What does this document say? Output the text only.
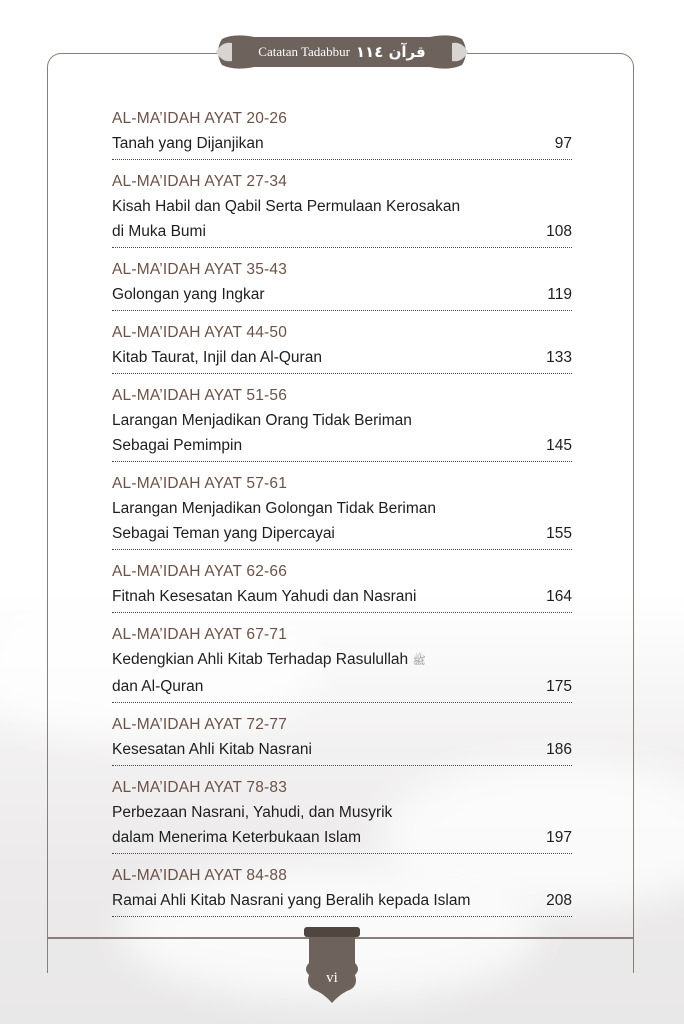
Catatan Tadabbur قرآن ١١٤
AL-MA’IDAH AYAT 20-26
Tanah yang Dijanjikan	97
AL-MA’IDAH AYAT 27-34
Kisah Habil dan Qabil Serta Permulaan Kerosakan
di Muka Bumi	108
AL-MA’IDAH AYAT 35-43
Golongan yang Ingkar	119
AL-MA’IDAH AYAT 44-50
Kitab Taurat, Injil dan Al-Quran	133
AL-MA’IDAH AYAT 51-56
Larangan Menjadikan Orang Tidak Beriman
Sebagai Pemimpin	145
AL-MA’IDAH AYAT 57-61
Larangan Menjadikan Golongan Tidak Beriman
Sebagai Teman yang Dipercayai	155
AL-MA’IDAH AYAT 62-66
Fitnah Kesesatan Kaum Yahudi dan Nasrani	164
AL-MA’IDAH AYAT 67-71
Kedengkian Ahli Kitab Terhadap Rasulullah ﷺ
dan Al-Quran	175
AL-MA’IDAH AYAT 72-77
Kesesatan Ahli Kitab Nasrani	186
AL-MA’IDAH AYAT 78-83
Perbezaan Nasrani, Yahudi, dan Musyrik
dalam Menerima Keterbukaan Islam	197
AL-MA’IDAH AYAT 84-88
Ramai Ahli Kitab Nasrani yang Beralih kepada Islam	208
vi
